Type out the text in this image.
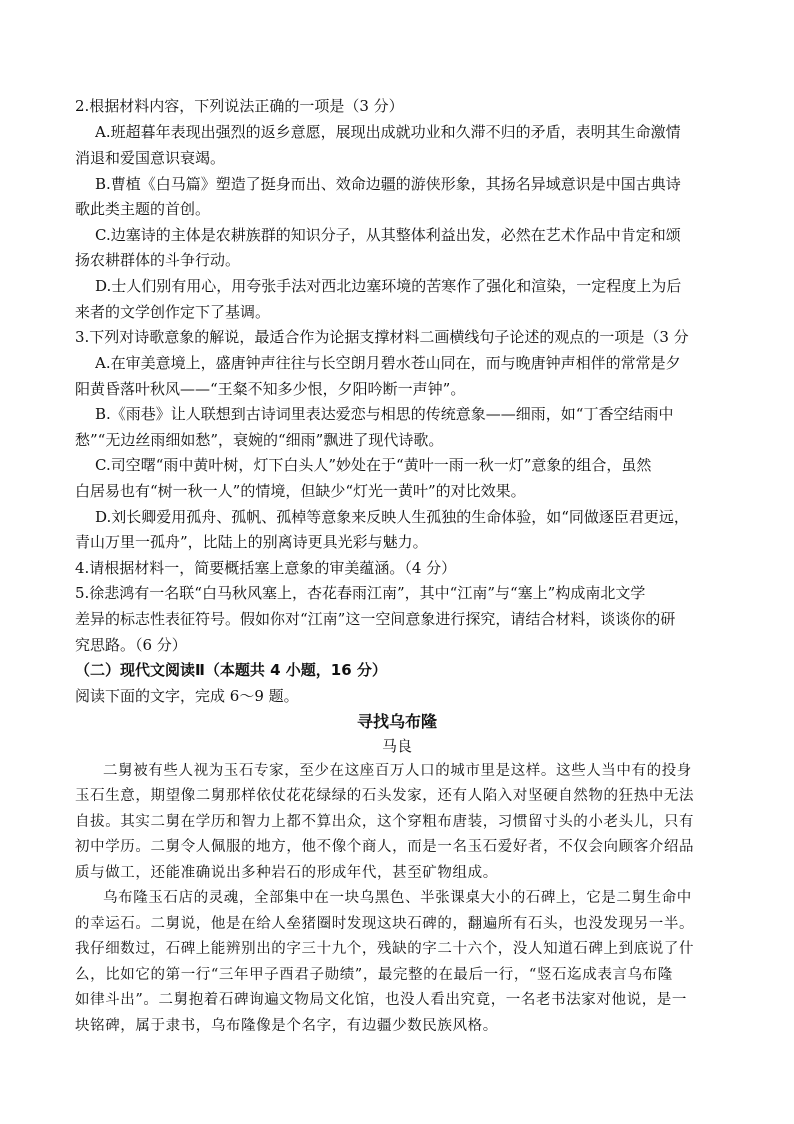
2.根据材料内容，下列说法正确的一项是（3 分）
A.班超暮年表现出强烈的返乡意愿，展现出成就功业和久滞不归的矛盾，表明其生命激情
消退和爱国意识衰竭。
B.曹植《白马篇》塑造了挺身而出、效命边疆的游侠形象，其扬名异域意识是中国古典诗
歌此类主题的首创。
C.边塞诗的主体是农耕族群的知识分子，从其整体利益出发，必然在艺术作品中肯定和颂
扬农耕群体的斗争行动。
D.士人们别有用心，用夸张手法对西北边塞环境的苦寒作了强化和渲染，一定程度上为后
来者的文学创作定下了基调。
3.下列对诗歌意象的解说，最适合作为论据支撑材料二画横线句子论述的观点的一项是（3 分
A.在审美意境上，盛唐钟声往往与长空朗月碧水苍山同在，而与晚唐钟声相伴的常常是夕
阳黄昏落叶秋风——“王粲不知多少恨，夕阳吟断一声钟”。
B.《雨巷》让人联想到古诗词里表达爱恋与相思的传统意象——细雨，如“丁香空结雨中
愁”“无边丝雨细如愁”，衰婉的“细雨”飘进了现代诗歌。
C.司空曙“雨中黄叶树，灯下白头人”妙处在于“黄叶一雨一秋一灯”意象的组合，虽然
白居易也有“树一秋一人”的情境，但缺少“灯光一黄叶”的对比效果。
D.刘长卿爱用孤舟、孤帆、孤棹等意象来反映人生孤独的生命体验，如“同做逐臣君更远，
青山万里一孤舟”，比陆上的别离诗更具光彩与魅力。
4.请根据材料一，简要概括塞上意象的审美蕴涵。（4 分）
5.徐悲鸿有一名联“白马秋风塞上，杏花春雨江南”，其中“江南”与“塞上”构成南北文学
差异的标志性表征符号。假如你对“江南”这一空间意象进行探究，请结合材料，谈谈你的研
究思路。（6 分）
（二）现代文阅读Ⅱ（本题共 4 小题，16 分）
阅读下面的文字，完成 6～9 题。
寻找乌布隆
马良
二舅被有些人视为玉石专家，至少在这座百万人口的城市里是这样。这些人当中有的投身
玉石生意，期望像二舅那样依仗花花绿绿的石头发家，还有人陷入对坚硬自然物的狂热中无法
自拔。其实二舅在学历和智力上都不算出众，这个穿粗布唐装，习惯留寸头的小老头儿，只有
初中学历。二舅令人佩服的地方，他不像个商人，而是一名玉石爱好者，不仅会向顾客介绍品
质与做工，还能准确说出多种岩石的形成年代，甚至矿物组成。
乌布隆玉石店的灵魂，全部集中在一块乌黑色、半张课桌大小的石碑上，它是二舅生命中
的幸运石。二舅说，他是在给人垒猪圈时发现这块石碑的，翻遍所有石头，也没发现另一半。
我仔细数过，石碑上能辨别出的字三十九个，残缺的字二十六个，没人知道石碑上到底说了什
么，比如它的第一行“三年甲子酉君子勋绩”，最完整的在最后一行，“竖石迄成表言乌布隆
如律斗出”。二舅抱着石碑询遍文物局文化馆，也没人看出究竟，一名老书法家对他说，是一
块铭碑，属于隶书，乌布隆像是个名字，有边疆少数民族风格。
